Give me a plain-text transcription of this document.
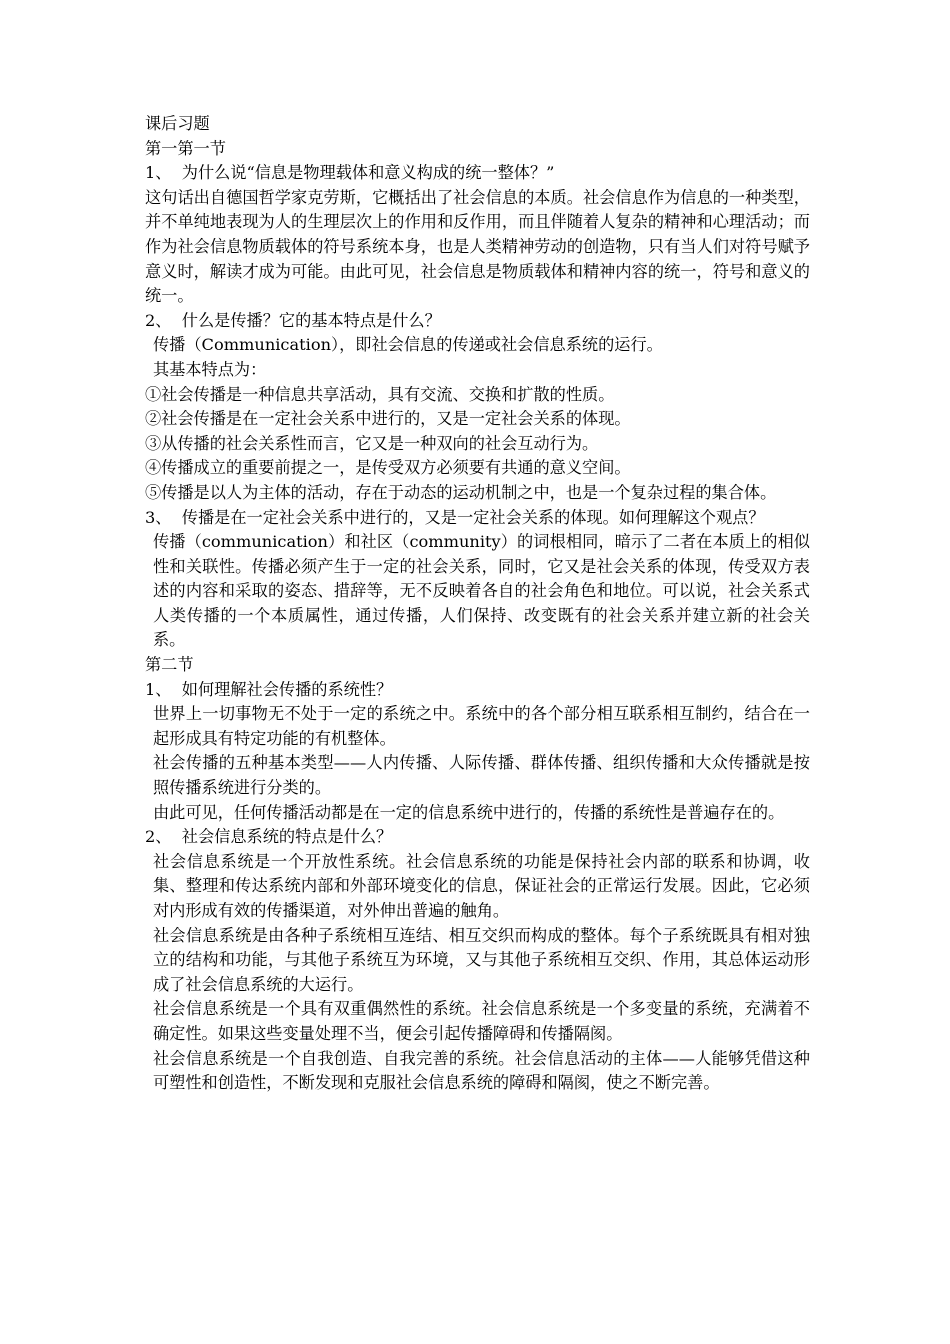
课后习题

第一第一节

1、  为什么说“信息是物理载体和意义构成的统一整体？”

这句话出自德国哲学家克劳斯，它概括出了社会信息的本质。社会信息作为信息的一种类型，并不单纯地表现为人的生理层次上的作用和反作用，而且伴随着人复杂的精神和心理活动；而作为社会信息物质载体的符号系统本身，也是人类精神劳动的创造物，只有当人们对符号赋予意义时，解读才成为可能。由此可见，社会信息是物质载体和精神内容的统一，符号和意义的统一。

2、  什么是传播？它的基本特点是什么？

传播（Communication），即社会信息的传递或社会信息系统的运行。

其基本特点为：

①社会传播是一种信息共享活动，具有交流、交换和扩散的性质。

②社会传播是在一定社会关系中进行的，又是一定社会关系的体现。

③从传播的社会关系性而言，它又是一种双向的社会互动行为。

④传播成立的重要前提之一，是传受双方必须要有共通的意义空间。

⑤传播是以人为主体的活动，存在于动态的运动机制之中，也是一个复杂过程的集合体。

3、  传播是在一定社会关系中进行的，又是一定社会关系的体现。如何理解这个观点？

传播（communication）和社区（community）的词根相同，暗示了二者在本质上的相似性和关联性。传播必须产生于一定的社会关系，同时，它又是社会关系的体现，传受双方表述的内容和采取的姿态、措辞等，无不反映着各自的社会角色和地位。可以说，社会关系式人类传播的一个本质属性，通过传播，人们保持、改变既有的社会关系并建立新的社会关系。

第二节

1、  如何理解社会传播的系统性？

世界上一切事物无不处于一定的系统之中。系统中的各个部分相互联系相互制约，结合在一起形成具有特定功能的有机整体。

社会传播的五种基本类型——人内传播、人际传播、群体传播、组织传播和大众传播就是按照传播系统进行分类的。

由此可见，任何传播活动都是在一定的信息系统中进行的，传播的系统性是普遍存在的。

2、  社会信息系统的特点是什么？

社会信息系统是一个开放性系统。社会信息系统的功能是保持社会内部的联系和协调，收集、整理和传达系统内部和外部环境变化的信息，保证社会的正常运行发展。因此，它必须对内形成有效的传播渠道，对外伸出普遍的触角。

社会信息系统是由各种子系统相互连结、相互交织而构成的整体。每个子系统既具有相对独立的结构和功能，与其他子系统互为环境，又与其他子系统相互交织、作用，其总体运动形成了社会信息系统的大运行。

社会信息系统是一个具有双重偶然性的系统。社会信息系统是一个多变量的系统，充满着不确定性。如果这些变量处理不当，便会引起传播障碍和传播隔阂。

社会信息系统是一个自我创造、自我完善的系统。社会信息活动的主体——人能够凭借这种可塑性和创造性，不断发现和克服社会信息系统的障碍和隔阂，使之不断完善。
